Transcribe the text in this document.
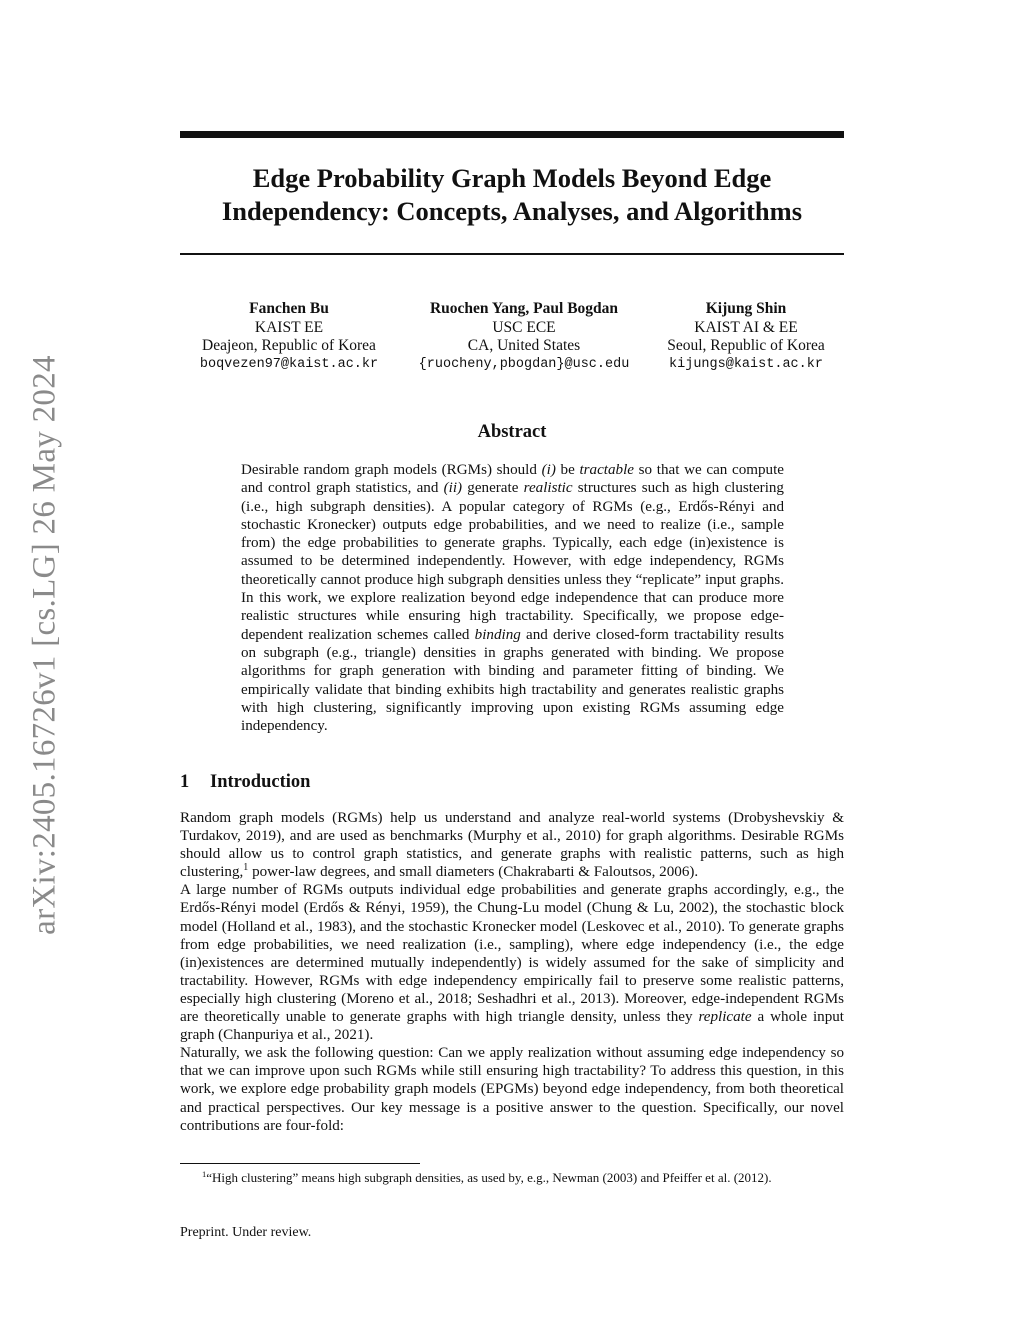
arXiv:2405.16726v1 [cs.LG] 26 May 2024
Edge Probability Graph Models Beyond Edge
Independency: Concepts, Analyses, and Algorithms
Fanchen Bu
KAIST EE
Deajeon, Republic of Korea
boqvezen97@kaist.ac.kr
Ruochen Yang, Paul Bogdan
USC ECE
CA, United States
{ruocheny,pbogdan}@usc.edu
Kijung Shin
KAIST AI & EE
Seoul, Republic of Korea
kijungs@kaist.ac.kr
Abstract

Desirable random graph models (RGMs) should (i) be tractable so that we can compute and control graph statistics, and (ii) generate realistic structures such as high clustering (i.e., high subgraph densities). A popular category of RGMs (e.g., Erdős-Rényi and stochastic Kronecker) outputs edge probabilities, and we need to realize (i.e., sample from) the edge probabilities to generate graphs. Typically, each edge (in)existence is assumed to be determined independently. However, with edge independency, RGMs theoretically cannot produce high subgraph densities unless they “replicate” input graphs. In this work, we explore realization beyond edge independence that can produce more realistic structures while ensuring high tractability. Specifically, we propose edge-dependent realization schemes called binding and derive closed-form tractability results on subgraph (e.g., triangle) densities in graphs generated with binding. We propose algorithms for graph generation with binding and parameter fitting of binding. We empirically validate that binding exhibits high tractability and generates realistic graphs with high clustering, significantly improving upon existing RGMs assuming edge independency.

1 Introduction

Random graph models (RGMs) help us understand and analyze real-world systems (Drobyshevskiy & Turdakov, 2019), and are used as benchmarks (Murphy et al., 2010) for graph algorithms. Desirable RGMs should allow us to control graph statistics, and generate graphs with realistic patterns, such as high clustering,$^1$ power-law degrees, and small diameters (Chakrabarti & Faloutsos, 2006).

A large number of RGMs outputs individual edge probabilities and generate graphs accordingly, e.g., the Erdős-Rényi model (Erdős & Rényi, 1959), the Chung-Lu model (Chung & Lu, 2002), the stochastic block model (Holland et al., 1983), and the stochastic Kronecker model (Leskovec et al., 2010). To generate graphs from edge probabilities, we need realization (i.e., sampling), where edge independency (i.e., the edge (in)existences are determined mutually independently) is widely assumed for the sake of simplicity and tractability. However, RGMs with edge independency empirically fail to preserve some realistic patterns, especially high clustering (Moreno et al., 2018; Seshadhri et al., 2013). Moreover, edge-independent RGMs are theoretically unable to generate graphs with high triangle density, unless they replicate a whole input graph (Chanpuriya et al., 2021).

Naturally, we ask the following question: Can we apply realization without assuming edge independency so that we can improve upon such RGMs while still ensuring high tractability? To address this question, in this work, we explore edge probability graph models (EPGMs) beyond edge independency, from both theoretical and practical perspectives. Our key message is a positive answer to the question. Specifically, our novel contributions are four-fold:

$^1$“High clustering” means high subgraph densities, as used by, e.g., Newman (2003) and Pfeiffer et al. (2012).

Preprint. Under review.
